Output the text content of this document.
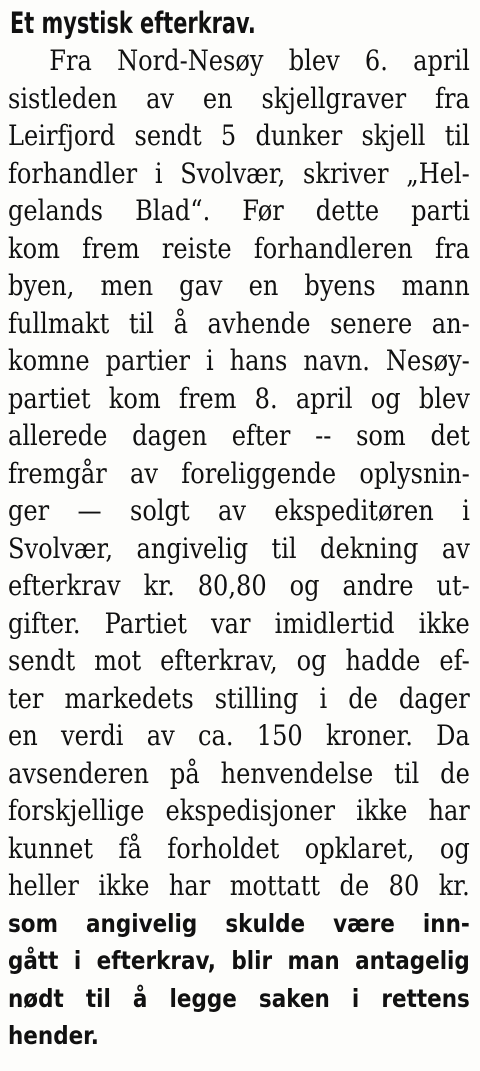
Et mystisk efterkrav.
Fra Nord-Nesøy blev 6. april
sistleden av en skjellgraver fra
Leirfjord sendt 5 dunker skjell til
forhandler i Svolvær, skriver „Hel-
gelands Blad“. Før dette parti
kom frem reiste forhandleren fra
byen, men gav en byens mann
fullmakt til å avhende senere an-
komne partier i hans navn. Nesøy-
partiet kom frem 8. april og blev
allerede dagen efter -- som det
fremgår av foreliggende oplysnin-
ger — solgt av ekspeditøren i
Svolvær, angivelig til dekning av
efterkrav kr. 80,80 og andre ut-
gifter. Partiet var imidlertid ikke
sendt mot efterkrav, og hadde ef-
ter markedets stilling i de dager
en verdi av ca. 150 kroner. Da
avsenderen på henvendelse til de
forskjellige ekspedisjoner ikke har
kunnet få forholdet opklaret, og
heller ikke har mottatt de 80 kr.
som angivelig skulde være inn-
gått i efterkrav, blir man antagelig
nødt til å legge saken i rettens
hender.
